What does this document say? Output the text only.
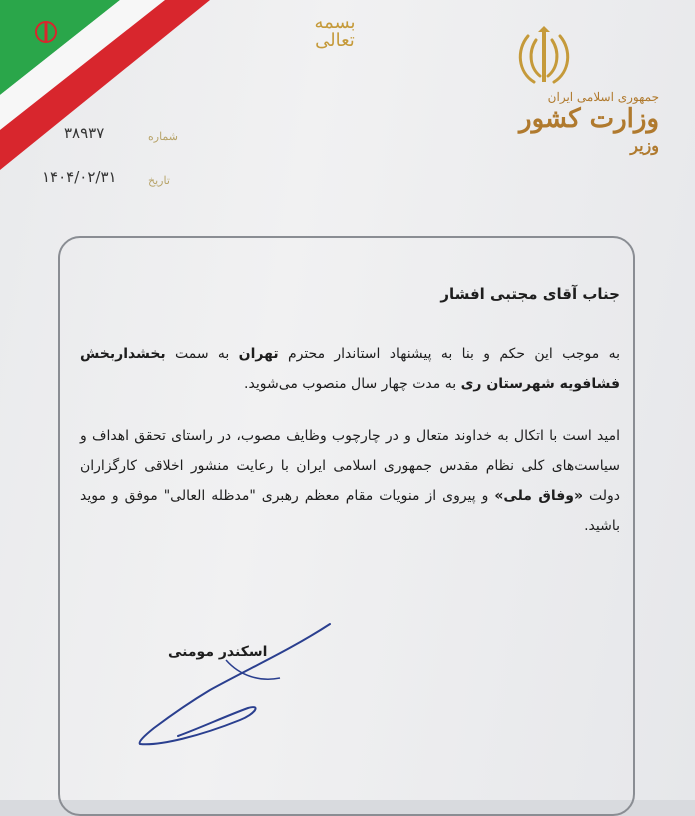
بسمه تعالی
جمهوری اسلامی ایران
وزارت کشور
وزیر
شماره
۳۸۹۳۷
تاریخ
۱۴۰۴/۰۲/۳۱
جناب آقای مجتبی افشار

به موجب این حکم و بنا به پیشنهاد استاندار محترم تهران به سمت بخشداربخش فشافویه شهرستان ری به مدت چهار سال منصوب می‌شوید.

امید است با اتکال به خداوند متعال و در چارچوب وظایف مصوب، در راستای تحقق اهداف و سیاست‌های کلی نظام مقدس جمهوری اسلامی ایران با رعایت منشور اخلاقی کارگزاران دولت «وفاق ملی» و پیروی از منویات مقام معظم رهبری "مدظله العالی" موفق و موید باشید.

اسکندر مومنی
